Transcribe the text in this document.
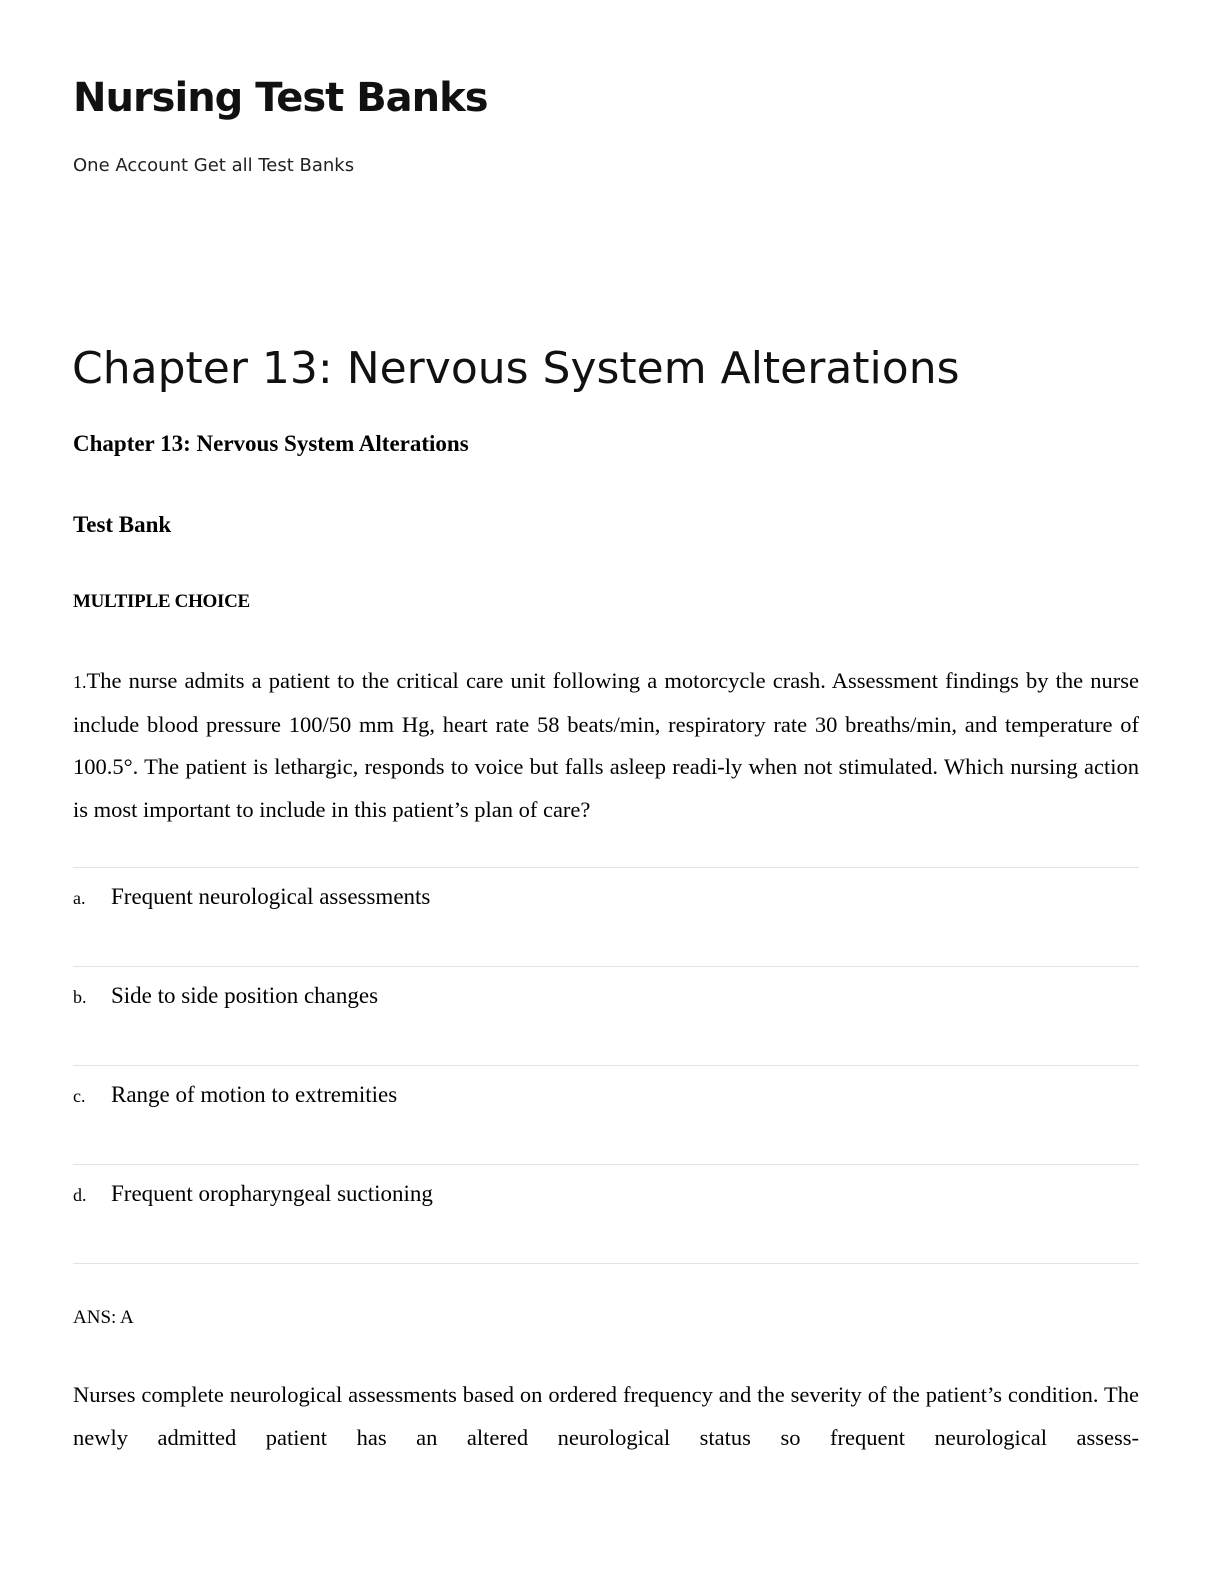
Nursing Test Banks

One Account Get all Test Banks

Chapter 13: Nervous System Alterations

Chapter 13: Nervous System Alterations

Test Bank

MULTIPLE CHOICE

1.The nurse admits a patient to the critical care unit following a motorcycle crash. Assessment findings by the nurse include blood pressure 100/50 mm Hg, heart rate 58 beats/min, respiratory rate 30 breaths/min, and temperature of 100.5°. The patient is lethargic, responds to voice but falls asleep readi-ly when not stimulated. Which nursing action is most important to include in this patient’s plan of care?

a. Frequent neurological assessments
b. Side to side position changes
c. Range of motion to extremities
d. Frequent oropharyngeal suctioning

ANS: A

Nurses complete neurological assessments based on ordered frequency and the severity of the patient’s condition. The newly admitted patient has an altered neurological status so frequent neurological assess-
